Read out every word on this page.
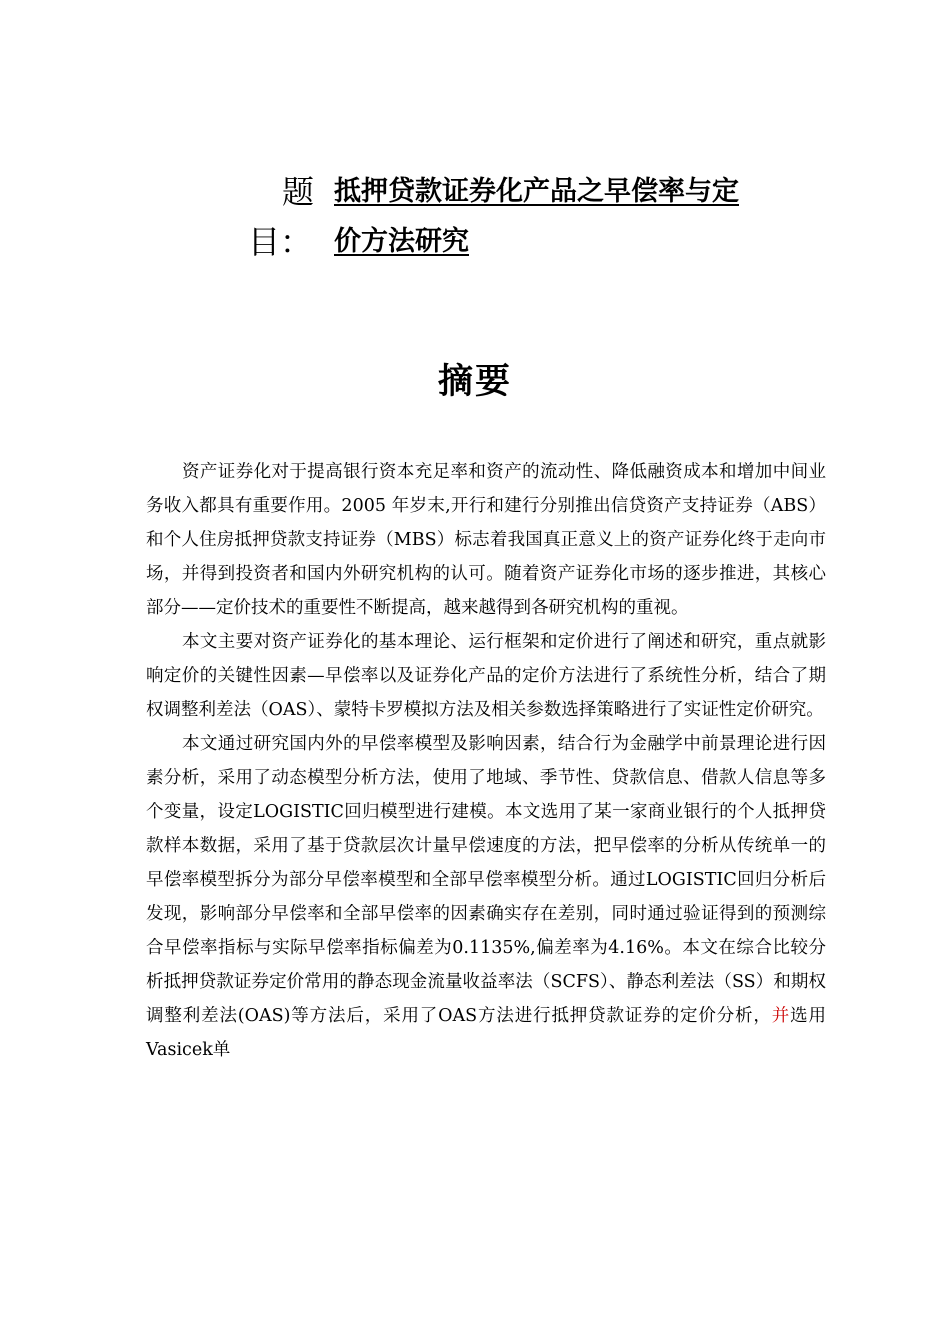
题
目：
抵押贷款证券化产品之早偿率与定
价方法研究
摘要

资产证券化对于提高银行资本充足率和资产的流动性、降低融资成本和增加中间业务收入都具有重要作用。2005 年岁末,开行和建行分别推出信贷资产支持证券（ABS）和个人住房抵押贷款支持证券（MBS）标志着我国真正意义上的资产证券化终于走向市场，并得到投资者和国内外研究机构的认可。随着资产证券化市场的逐步推进，其核心部分——定价技术的重要性不断提高，越来越得到各研究机构的重视。

本文主要对资产证券化的基本理论、运行框架和定价进行了阐述和研究，重点就影响定价的关键性因素—早偿率以及证券化产品的定价方法进行了系统性分析，结合了期权调整利差法（OAS）、蒙特卡罗模拟方法及相关参数选择策略进行了实证性定价研究。

本文通过研究国内外的早偿率模型及影响因素，结合行为金融学中前景理论进行因素分析，采用了动态模型分析方法，使用了地域、季节性、贷款信息、借款人信息等多个变量，设定LOGISTIC回归模型进行建模。本文选用了某一家商业银行的个人抵押贷款样本数据，采用了基于贷款层次计量早偿速度的方法，把早偿率的分析从传统单一的早偿率模型拆分为部分早偿率模型和全部早偿率模型分析。通过LOGISTIC回归分析后发现，影响部分早偿率和全部早偿率的因素确实存在差别，同时通过验证得到的预测综合早偿率指标与实际早偿率指标偏差为0.1135%,偏差率为4.16%。本文在综合比较分析抵押贷款证券定价常用的静态现金流量收益率法（SCFS）、静态利差法（SS）和期权调整利差法(OAS)等方法后，采用了OAS方法进行抵押贷款证券的定价分析，并选用Vasicek单
